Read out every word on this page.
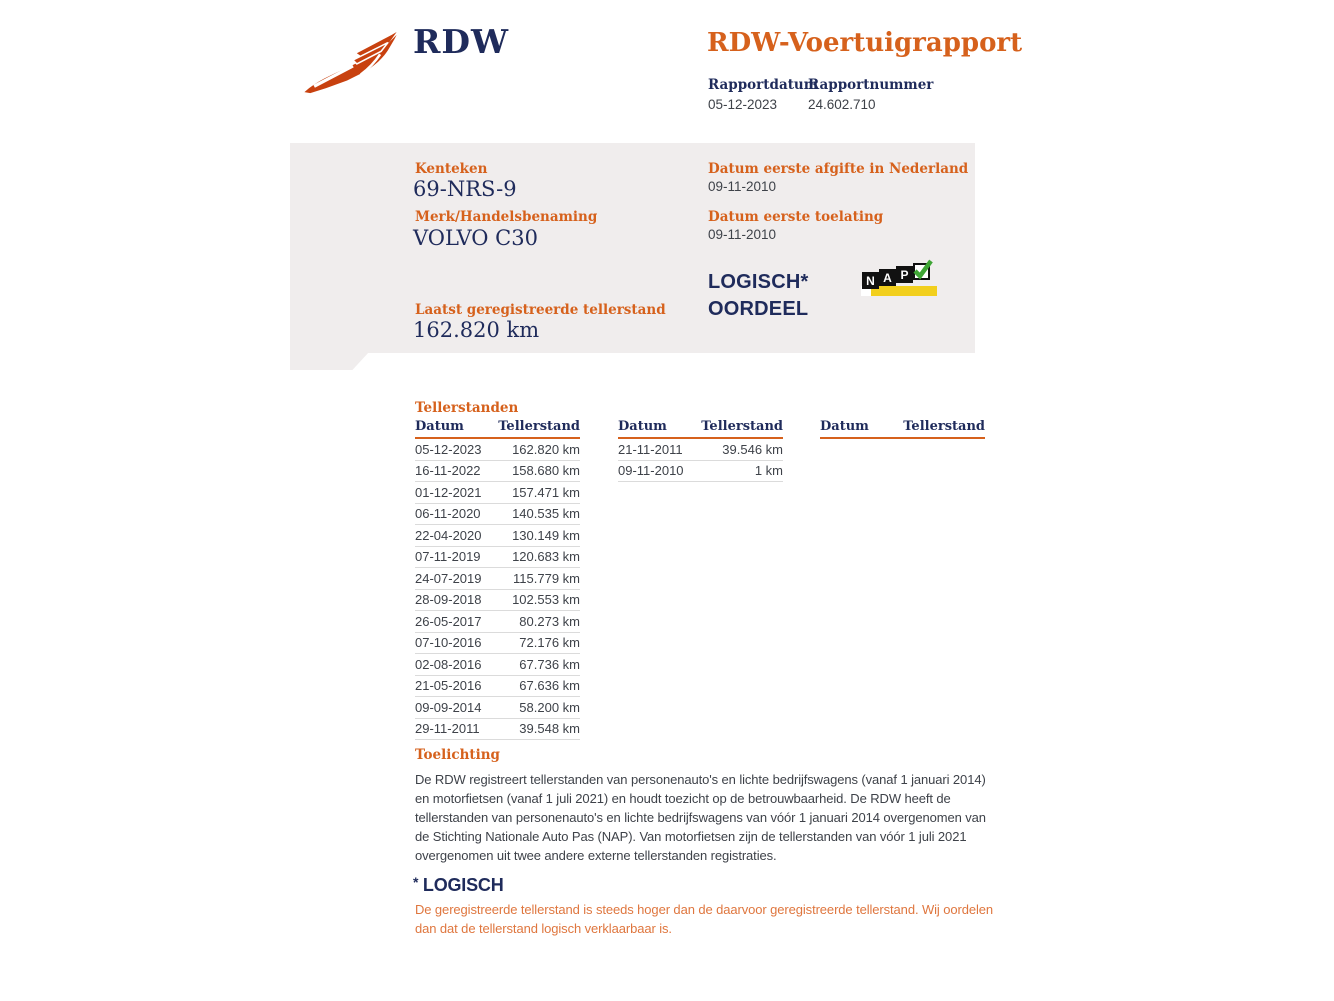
RDW	RDW-Voertuigrapport
Rapportdatum
05-12-2023
Rapportnummer
24.602.710
Kenteken
69-NRS-9
Merk/Handelsbenaming
VOLVO C30
Laatst geregistreerde tellerstand
162.820 km
Datum eerste afgifte in Nederland
09-11-2010
Datum eerste toelating
09-11-2010
LOGISCH*
OORDEEL
N A P
Tellerstanden
Datum	Tellerstand
05-12-2023 162.820 km
16-11-2022 158.680 km
01-12-2021 157.471 km
06-11-2020 140.535 km
22-04-2020 130.149 km
07-11-2019 120.683 km
24-07-2019 115.779 km
28-09-2018 102.553 km
26-05-2017	80.273 km
07-10-2016	72.176 km
02-08-2016	67.736 km
21-05-2016	67.636 km
09-09-2014	58.200 km
29-11-2011	39.548 km
Datum	Tellerstand
21-11-2011	39.546 km
09-11-2010	1 km
Datum	Tellerstand
Toelichting
De RDW registreert tellerstanden van personenauto's en lichte bedrijfswagens (vanaf 1 januari 2014) en motorfietsen (vanaf 1 juli 2021) en houdt toezicht op de betrouwbaarheid. De RDW heeft de tellerstanden van personenauto's en lichte bedrijfswagens van vóór 1 januari 2014 overgenomen van de Stichting Nationale Auto Pas (NAP). Van motorfietsen zijn de tellerstanden van vóór 1 juli 2021 overgenomen uit twee andere externe tellerstanden registraties.
* LOGISCH
De geregistreerde tellerstand is steeds hoger dan de daarvoor geregistreerde tellerstand. Wij oordelen dan dat de tellerstand logisch verklaarbaar is.
